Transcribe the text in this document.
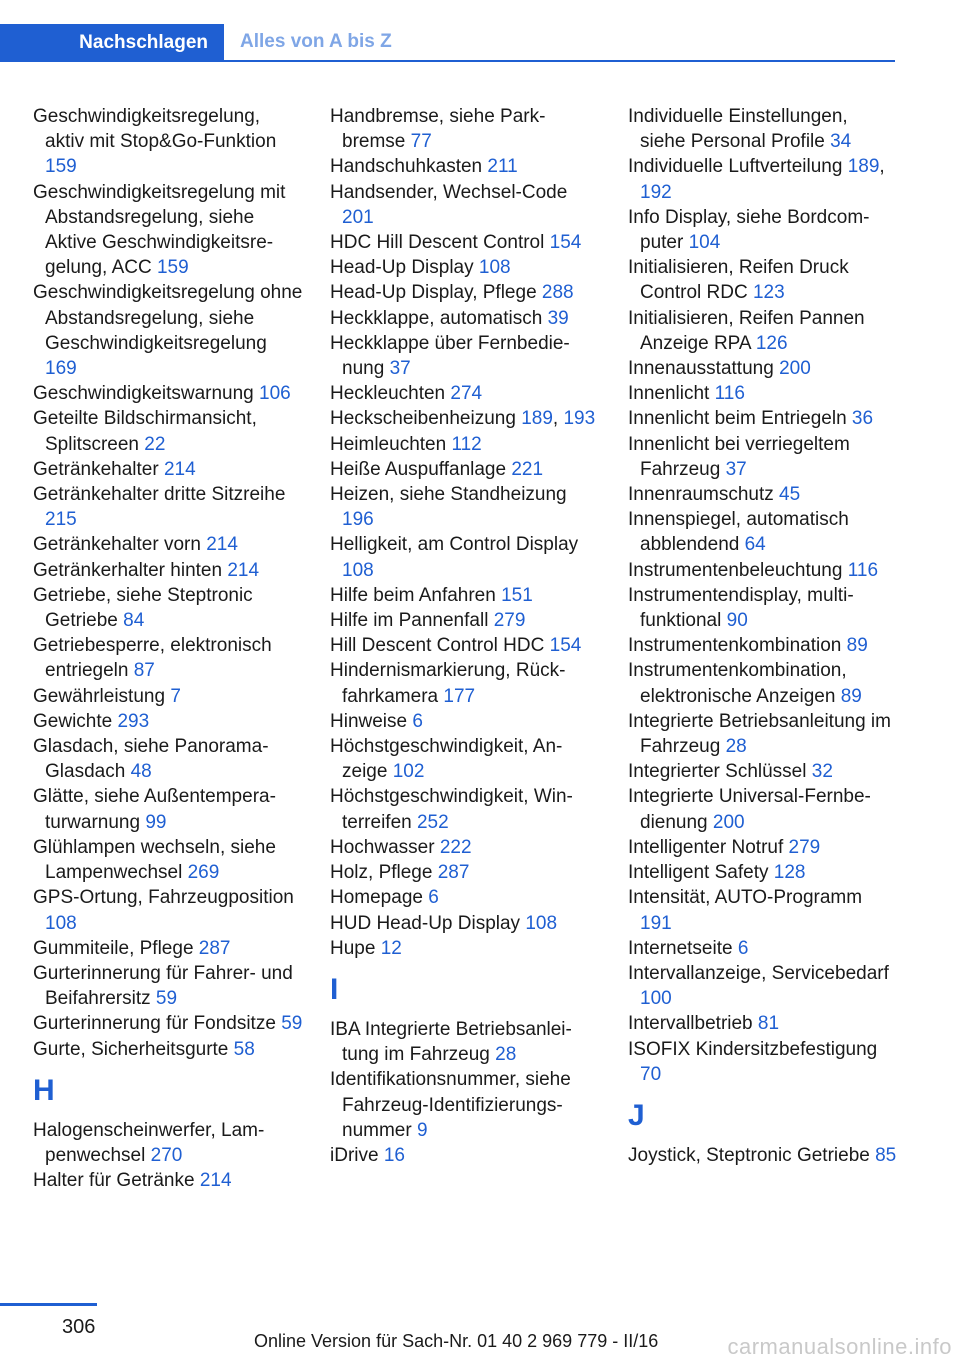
Nachschlagen Alles von A bis Z

Geschwindigkeitsregelung, aktiv mit Stop&Go-Funktion 159

Geschwindigkeitsregelung mit Abstandsregelung, siehe Aktive Geschwindigkeitsregelung, ACC 159

Geschwindigkeitsregelung ohne Abstandsregelung, siehe Geschwindigkeitsregelung 169

Geschwindigkeitswarnung 106

Geteilte Bildschirmansicht, Splitscreen 22

Getränkehalter 214

Getränkehalter dritte Sitzreihe 215

Getränkehalter vorn 214

Getränkerhalter hinten 214

Getriebe, siehe Steptronic Getriebe 84

Getriebesperre, elektronisch entriegeln 87

Gewährleistung 7

Gewichte 293

Glasdach, siehe Panorama-Glasdach 48

Glätte, siehe Außentemperaturwarnung 99

Glühlampen wechseln, siehe Lampenwechsel 269

GPS-Ortung, Fahrzeugposition 108

Gummiteile, Pflege 287

Gurterinnerung für Fahrer- und Beifahrersitz 59

Gurterinnerung für Fondsitze 59

Gurte, Sicherheitsgurte 58

H

Halogenscheinwerfer, Lampenwechsel 270

Halter für Getränke 214

Handbremse, siehe Parkbremse 77

Handschuhkasten 211

Handsender, Wechsel-Code 201

HDC Hill Descent Control 154

Head-Up Display 108

Head-Up Display, Pflege 288

Heckklappe, automatisch 39

Heckklappe über Fernbedienung 37

Heckleuchten 274

Heckscheibenheizung 189, 193

Heimleuchten 112

Heiße Auspuffanlage 221

Heizen, siehe Standheizung 196

Helligkeit, am Control Display 108

Hilfe beim Anfahren 151

Hilfe im Pannenfall 279

Hill Descent Control HDC 154

Hindernismarkierung, Rückfahrkamera 177

Hinweise 6

Höchstgeschwindigkeit, Anzeige 102

Höchstgeschwindigkeit, Winterreifen 252

Hochwasser 222

Holz, Pflege 287

Homepage 6

HUD Head-Up Display 108

Hupe 12

I

IBA Integrierte Betriebsanleitung im Fahrzeug 28

Identifikationsnummer, siehe Fahrzeug-Identifizierungsnummer 9

iDrive 16

Individuelle Einstellungen, siehe Personal Profile 34

Individuelle Luftverteilung 189, 192

Info Display, siehe Bordcomputer 104

Initialisieren, Reifen Druck Control RDC 123

Initialisieren, Reifen Pannen Anzeige RPA 126

Innenausstattung 200

Innenlicht 116

Innenlicht beim Entriegeln 36

Innenlicht bei verriegeltem Fahrzeug 37

Innenraumschutz 45

Innenspiegel, automatisch abblendend 64

Instrumentenbeleuchtung 116

Instrumentendisplay, multifunktional 90

Instrumentenkombination 89

Instrumentenkombination, elektronische Anzeigen 89

Integrierte Betriebsanleitung im Fahrzeug 28

Integrierter Schlüssel 32

Integrierte Universal-Fernbedienung 200

Intelligenter Notruf 279

Intelligent Safety 128

Intensität, AUTO-Programm 191

Internetseite 6

Intervallanzeige, Servicebedarf 100

Intervallbetrieb 81

ISOFIX Kindersitzbefestigung 70

J

Joystick, Steptronic Getriebe 85

306
Online Version für Sach-Nr. 01 40 2 969 779 - II/16	carmanualsonline.info
